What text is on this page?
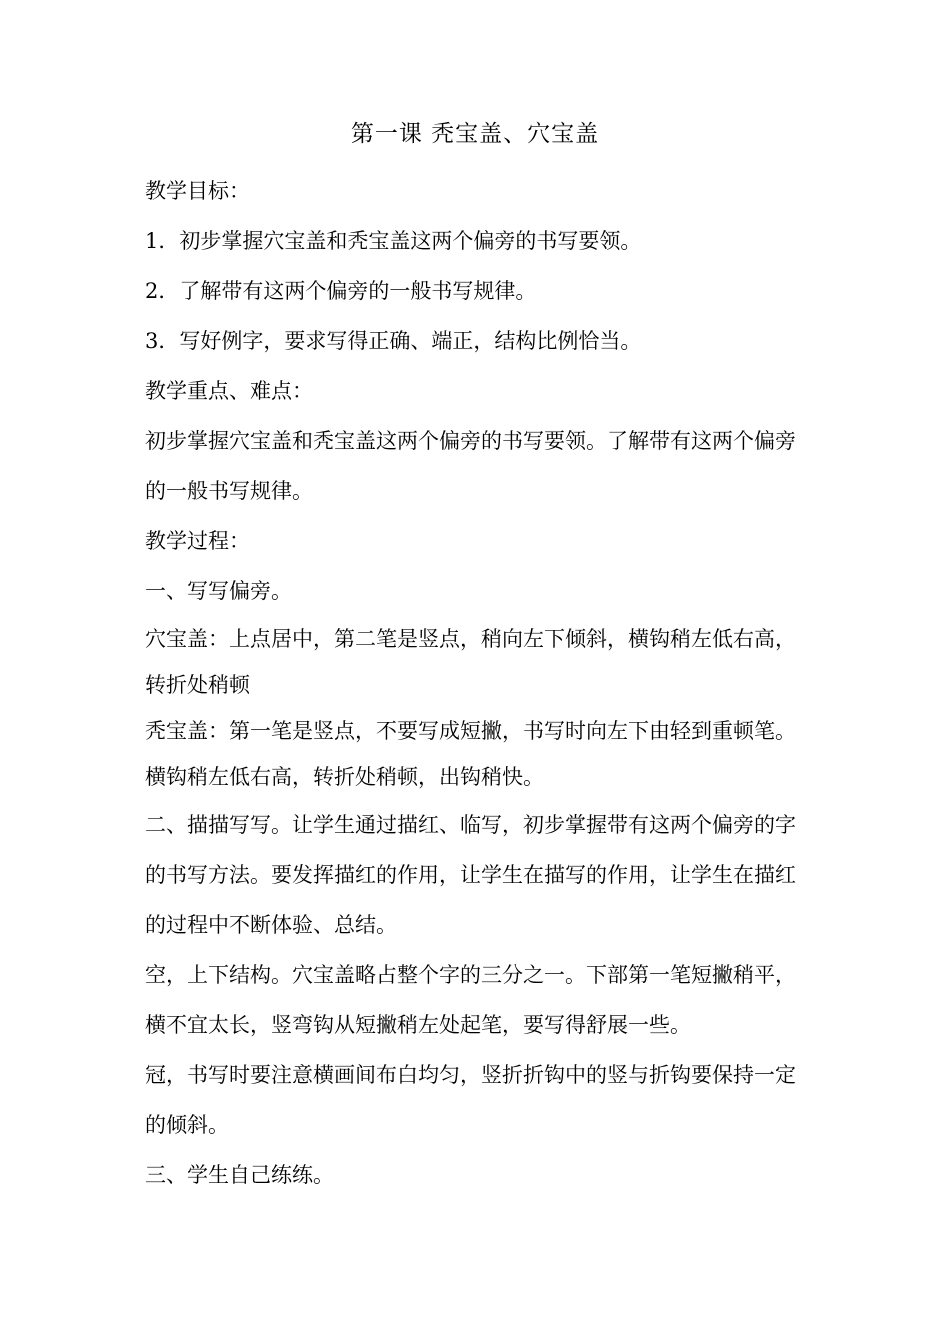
第一课 秃宝盖、穴宝盖

教学目标：

1．初步掌握穴宝盖和秃宝盖这两个偏旁的书写要领。

2．了解带有这两个偏旁的一般书写规律。

3．写好例字，要求写得正确、端正，结构比例恰当。

教学重点、难点：

初步掌握穴宝盖和秃宝盖这两个偏旁的书写要领。了解带有这两个偏旁的一般书写规律。

教学过程：

一、写写偏旁。

穴宝盖：上点居中，第二笔是竖点，稍向左下倾斜，横钩稍左低右高，转折处稍顿

秃宝盖：第一笔是竖点，不要写成短撇，书写时向左下由轻到重顿笔。横钩稍左低右高，转折处稍顿，出钩稍快。

二、描描写写。让学生通过描红、临写，初步掌握带有这两个偏旁的字的书写方法。要发挥描红的作用，让学生在描写的作用，让学生在描红的过程中不断体验、总结。

空，上下结构。穴宝盖略占整个字的三分之一。下部第一笔短撇稍平，横不宜太长，竖弯钩从短撇稍左处起笔，要写得舒展一些。

冠，书写时要注意横画间布白均匀，竖折折钩中的竖与折钩要保持一定的倾斜。

三、学生自己练练。
